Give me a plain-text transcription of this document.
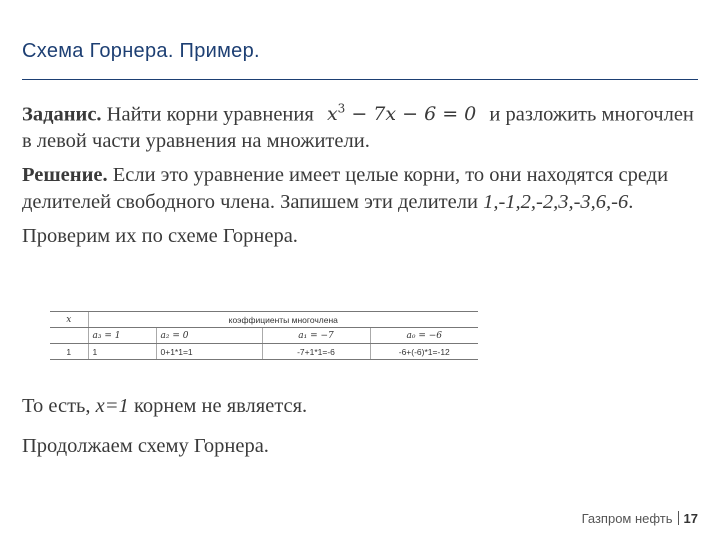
Схема Горнера. Пример.

Заданис. Найти корни уравнения $x^3 - 7x - 6 = 0$ и разложить многочлен в левой части уравнения на множители.

Решение. Если это уравнение имеет целые корни, то они находятся среди делителей свободного члена. Запишем эти делители 1,-1,2,-2,3,-3,6,-6.

Проверим их по схеме Горнера.

x	коэффициенты многочлена			
	a₃ = 1	a₂ = 0	a₁ = −7	a₀ = −6
1	1	0+1*1=1	-7+1*1=-6	-6+(-6)*1=-12

То есть, x=1 корнем не является.

Продолжаем схему Горнера.

Газпром нефть 17
